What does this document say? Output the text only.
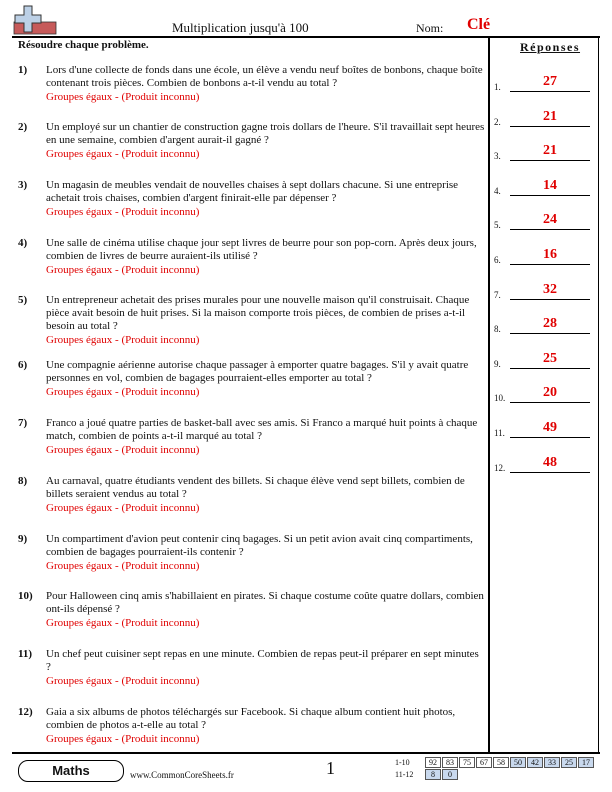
Multiplication jusqu'à 100	Nom: Clé
Résoudre chaque problème.	Réponses
1)	Lors d'une collecte de fonds dans une école, un élève a vendu neuf boîtes de bonbons, chaque boîte contenant trois pièces. Combien de bonbons a-t-il vendu au total ?
Groupes égaux - (Produit inconnu)
2)	Un employé sur un chantier de construction gagne trois dollars de l'heure. S'il travaillait sept heures en une semaine, combien d'argent aurait-il gagné ?
Groupes égaux - (Produit inconnu)
3)	Un magasin de meubles vendait de nouvelles chaises à sept dollars chacune. Si une entreprise achetait trois chaises, combien d'argent finirait-elle par dépenser ?
Groupes égaux - (Produit inconnu)
4)	Une salle de cinéma utilise chaque jour sept livres de beurre pour son pop-corn. Après deux jours, combien de livres de beurre auraient-ils utilisé ?
Groupes égaux - (Produit inconnu)
5)	Un entrepreneur achetait des prises murales pour une nouvelle maison qu'il construisait. Chaque pièce avait besoin de huit prises. Si la maison comporte trois pièces, de combien de prises a-t-il besoin au total ?
Groupes égaux - (Produit inconnu)
6)	Une compagnie aérienne autorise chaque passager à emporter quatre bagages. S'il y avait quatre personnes en vol, combien de bagages pourraient-elles emporter au total ?
Groupes égaux - (Produit inconnu)
7)	Franco a joué quatre parties de basket-ball avec ses amis. Si Franco a marqué huit points à chaque match, combien de points a-t-il marqué au total ?
Groupes égaux - (Produit inconnu)
8)	Au carnaval, quatre étudiants vendent des billets. Si chaque élève vend sept billets, combien de billets seraient vendus au total ?
Groupes égaux - (Produit inconnu)
9)	Un compartiment d'avion peut contenir cinq bagages. Si un petit avion avait cinq compartiments, combien de bagages pourraient-ils contenir ?
Groupes égaux - (Produit inconnu)
10)	Pour Halloween cinq amis s'habillaient en pirates. Si chaque costume coûte quatre dollars, combien ont-ils dépensé ?
Groupes égaux - (Produit inconnu)
11)	Un chef peut cuisiner sept repas en une minute. Combien de repas peut-il préparer en sept minutes ?
Groupes égaux - (Produit inconnu)
12)	Gaia a six albums de photos téléchargés sur Facebook. Si chaque album contient huit photos, combien de photos a-t-elle au total ?
Groupes égaux - (Produit inconnu)
1.	27
2.	21
3.	21
4.	14
5.	24
6.	16
7.	32
8.	28
9.	25
10.	20
11.	49
12.	48
Maths	www.CommonCoreSheets.fr	1	1-10	92	83	75	67	58	50	42	33	25	17
11-12	8	0
